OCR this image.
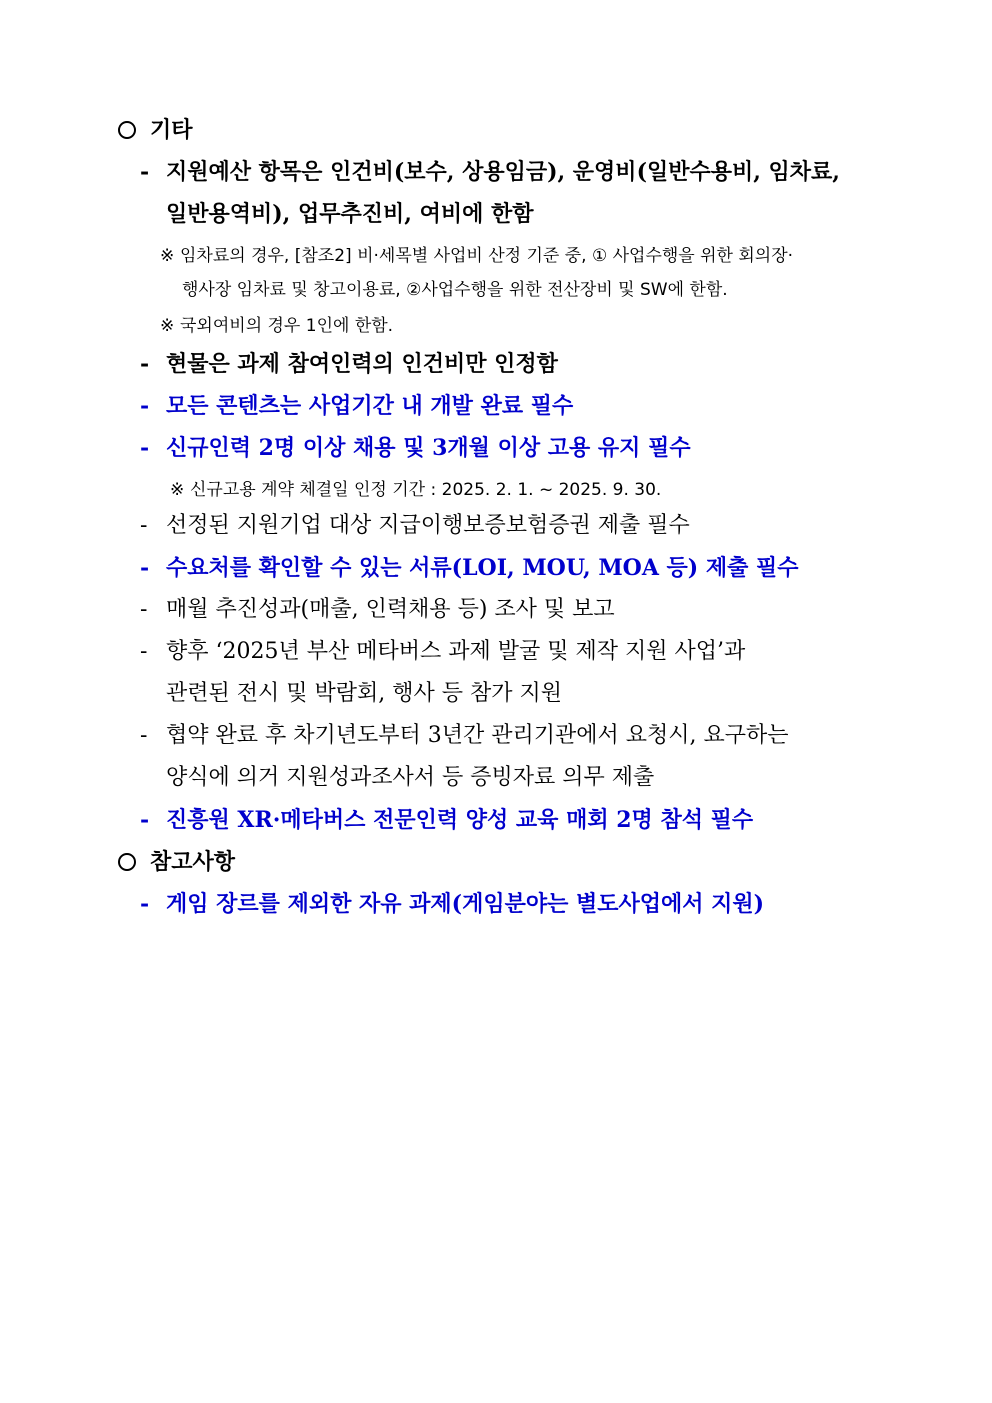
기타
- 지원예산 항목은 인건비(보수, 상용임금), 운영비(일반수용비, 임차료,
일반용역비), 업무추진비, 여비에 한함
※ 임차료의 경우, [참조2] 비·세목별 사업비 산정 기준 중, ① 사업수행을 위한 회의장·
행사장 임차료 및 창고이용료, ②사업수행을 위한 전산장비 및 SW에 한함.
※ 국외여비의 경우 1인에 한함.
- 현물은 과제 참여인력의 인건비만 인정함
- 모든 콘텐츠는 사업기간 내 개발 완료 필수
- 신규인력 2명 이상 채용 및 3개월 이상 고용 유지 필수
※ 신규고용 계약 체결일 인정 기간 : 2025. 2. 1. ~ 2025. 9. 30.
- 선정된 지원기업 대상 지급이행보증보험증권 제출 필수
- 수요처를 확인할 수 있는 서류(LOI, MOU, MOA 등) 제출 필수
- 매월 추진성과(매출, 인력채용 등) 조사 및 보고
- 향후 ‘2025년 부산 메타버스 과제 발굴 및 제작 지원 사업’과
관련된 전시 및 박람회, 행사 등 참가 지원
- 협약 완료 후 차기년도부터 3년간 관리기관에서 요청시, 요구하는
양식에 의거 지원성과조사서 등 증빙자료 의무 제출
- 진흥원 XR·메타버스 전문인력 양성 교육 매회 2명 참석 필수
참고사항
- 게임 장르를 제외한 자유 과제(게임분야는 별도사업에서 지원)
